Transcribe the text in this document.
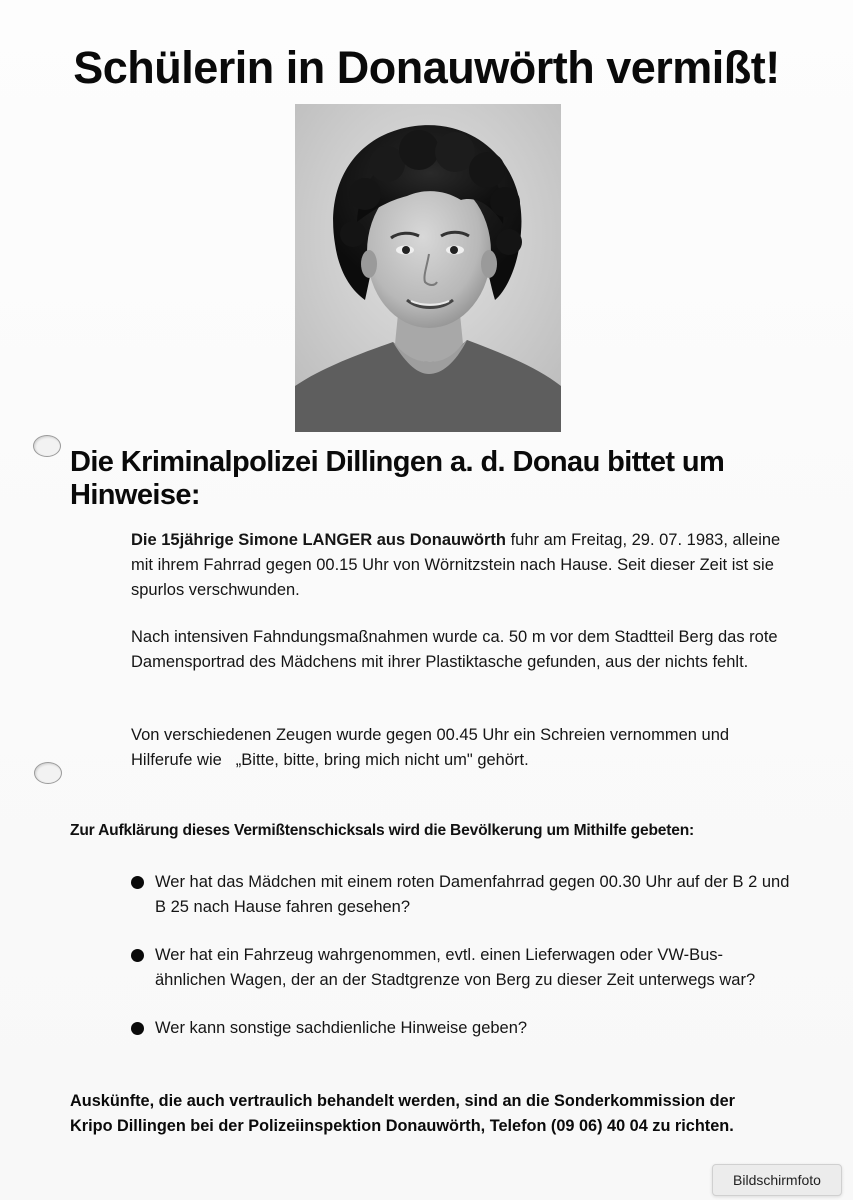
Schülerin in Donauwörth vermißt!
Die Kriminalpolizei Dillingen a. d. Donau bittet um Hinweise:
Die 15jährige Simone LANGER aus Donauwörth fuhr am Freitag, 29. 07. 1983, alleine mit ihrem Fahrrad gegen 00.15 Uhr von Wörnitzstein nach Hause. Seit dieser Zeit ist sie spurlos verschwunden.
Nach intensiven Fahndungsmaßnahmen wurde ca. 50 m vor dem Stadtteil Berg das rote Damensportrad des Mädchens mit ihrer Plastiktasche gefunden, aus der nichts fehlt.
Von verschiedenen Zeugen wurde gegen 00.45 Uhr ein Schreien vernommen und Hilferufe wie „Bitte, bitte, bring mich nicht um" gehört.
Zur Aufklärung dieses Vermißtenschicksals wird die Bevölkerung um Mithilfe gebeten:
Wer hat das Mädchen mit einem roten Damenfahrrad gegen 00.30 Uhr auf der B 2 und B 25 nach Hause fahren gesehen?
Wer hat ein Fahrzeug wahrgenommen, evtl. einen Lieferwagen oder VW-Bus-ähnlichen Wagen, der an der Stadtgrenze von Berg zu dieser Zeit unterwegs war?
Wer kann sonstige sachdienliche Hinweise geben?
Auskünfte, die auch vertraulich behandelt werden, sind an die Sonderkommission der
Kripo Dillingen bei der Polizeiinspektion Donauwörth, Telefon (09 06) 40 04 zu richten.
Bildschirmfoto
